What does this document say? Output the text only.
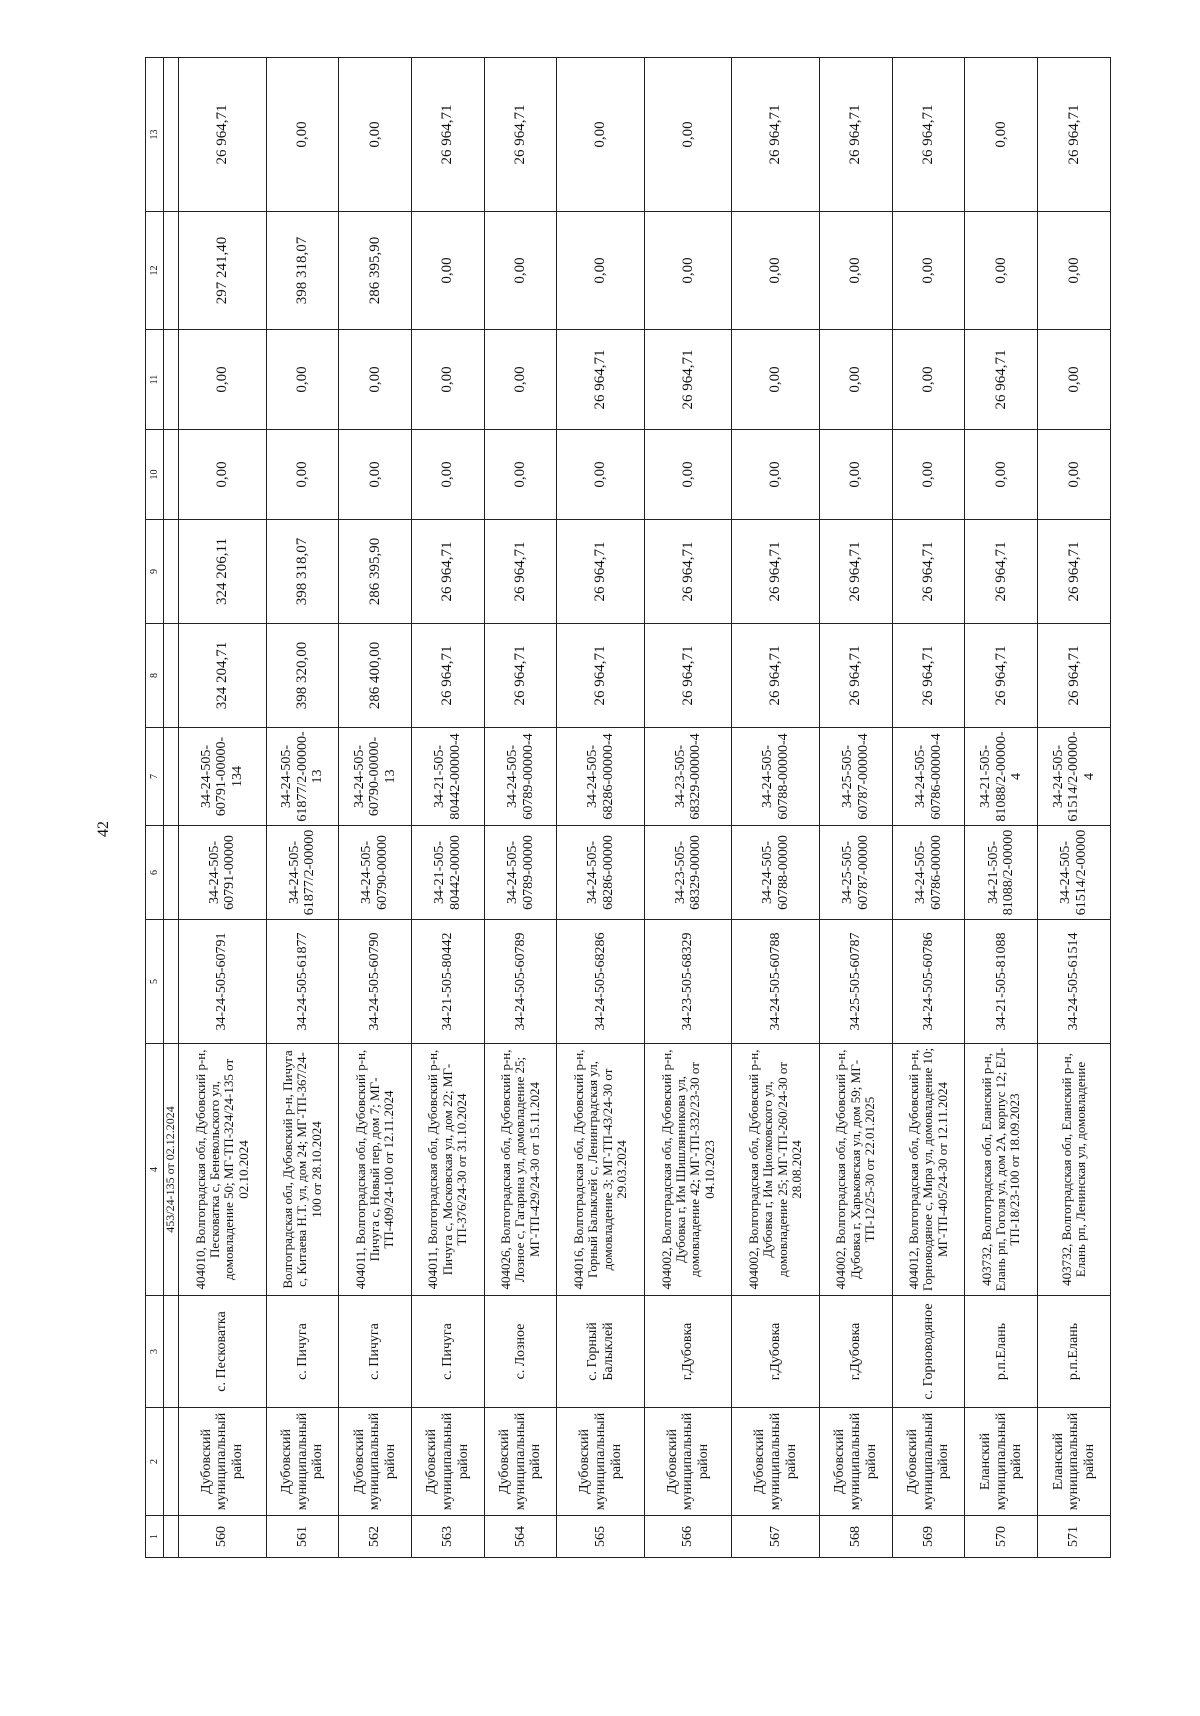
42
1	2	3	4	5	6	7	8	9	10	11	12	13
			453/24-135 от 02.12.2024									
560	Дубовский муниципальный район	с. Песковатка	404010, Волгоградская обл, Дубовский р-н, Песковатка с, Беневольского ул, домовладение 50; МГ-ТП-324/24-135 от 02.10.2024	34-24-505-60791	34-24-505-60791-00000	34-24-505-60791-00000-134	324 204,71	324 206,11	0,00	0,00	297 241,40	26 964,71
561	Дубовский муниципальный район	с. Пичуга	Волгоградская обл, Дубовский р-н, Пичуга с, Китаева Н.Т. ул, дом 24; МГ-ТП-367/24-100 от 28.10.2024	34-24-505-61877	34-24-505-61877/2-00000	34-24-505-61877/2-00000-13	398 320,00	398 318,07	0,00	0,00	398 318,07	0,00
562	Дубовский муниципальный район	с. Пичуга	404011, Волгоградская обл, Дубовский р-н, Пичуга с, Новый пер, дом 7; МГ-ТП-409/24-100 от 12.11.2024	34-24-505-60790	34-24-505-60790-00000	34-24-505-60790-00000-13	286 400,00	286 395,90	0,00	0,00	286 395,90	0,00
563	Дубовский муниципальный район	с. Пичуга	404011, Волгоградская обл, Дубовский р-н, Пичуга с, Московская ул, дом 22; МГ-ТП-376/24-30 от 31.10.2024	34-21-505-80442	34-21-505-80442-00000	34-21-505-80442-00000-4	26 964,71	26 964,71	0,00	0,00	0,00	26 964,71
564	Дубовский муниципальный район	с. Лозное	404026, Волгоградская обл, Дубовский р-н, Лозное с, Гагарина ул, домовладение 25; МГ-ТП-429/24-30 от 15.11.2024	34-24-505-60789	34-24-505-60789-00000	34-24-505-60789-00000-4	26 964,71	26 964,71	0,00	0,00	0,00	26 964,71
565	Дубовский муниципальный район	с. Горный Балыклей	404016, Волгоградская обл, Дубовский р-н, Горный Балыклей с, Ленинградская ул, домовладение 3; МГ-ТП-43/24-30 от 29.03.2024	34-24-505-68286	34-24-505-68286-00000	34-24-505-68286-00000-4	26 964,71	26 964,71	0,00	26 964,71	0,00	0,00
566	Дубовский муниципальный район	г.Дубовка	404002, Волгоградская обл, Дубовский р-н, Дубовка г, Им Шишлянникова ул, домовладение 42; МГ-ТП-332/23-30 от 04.10.2023	34-23-505-68329	34-23-505-68329-00000	34-23-505-68329-00000-4	26 964,71	26 964,71	0,00	26 964,71	0,00	0,00
567	Дубовский муниципальный район	г.Дубовка	404002, Волгоградская обл, Дубовский р-н, Дубовка г, Им Циолковского ул, домовладение 25; МГ-ТП-260/24-30 от 28.08.2024	34-24-505-60788	34-24-505-60788-00000	34-24-505-60788-00000-4	26 964,71	26 964,71	0,00	0,00	0,00	26 964,71
568	Дубовский муниципальный район	г.Дубовка	404002, Волгоградская обл, Дубовский р-н, Дубовка г, Харьковская ул, дом 59; МГ-ТП-12/25-30 от 22.01.2025	34-25-505-60787	34-25-505-60787-00000	34-25-505-60787-00000-4	26 964,71	26 964,71	0,00	0,00	0,00	26 964,71
569	Дубовский муниципальный район	с. Горноводяное	404012, Волгоградская обл, Дубовский р-н, Горноводяное с, Мира ул, домовладение 10; МГ-ТП-405/24-30 от 12.11.2024	34-24-505-60786	34-24-505-60786-00000	34-24-505-60786-00000-4	26 964,71	26 964,71	0,00	0,00	0,00	26 964,71
570	Еланский муниципальный район	р.п.Елань	403732, Волгоградская обл, Еланский р-н, Елань рп, Гоголя ул, дом 2А, корпус 12; ЕЛ-ТП-18/23-100 от 18.09.2023	34-21-505-81088	34-21-505-81088/2-00000	34-21-505-81088/2-00000-4	26 964,71	26 964,71	0,00	26 964,71	0,00	0,00
571	Еланский муниципальный район	р.п.Елань	403732, Волгоградская обл, Еланский р-н, Елань рп, Ленинская ул, домовладение	34-24-505-61514	34-24-505-61514/2-00000	34-24-505-61514/2-00000-4	26 964,71	26 964,71	0,00	0,00	0,00	26 964,71
